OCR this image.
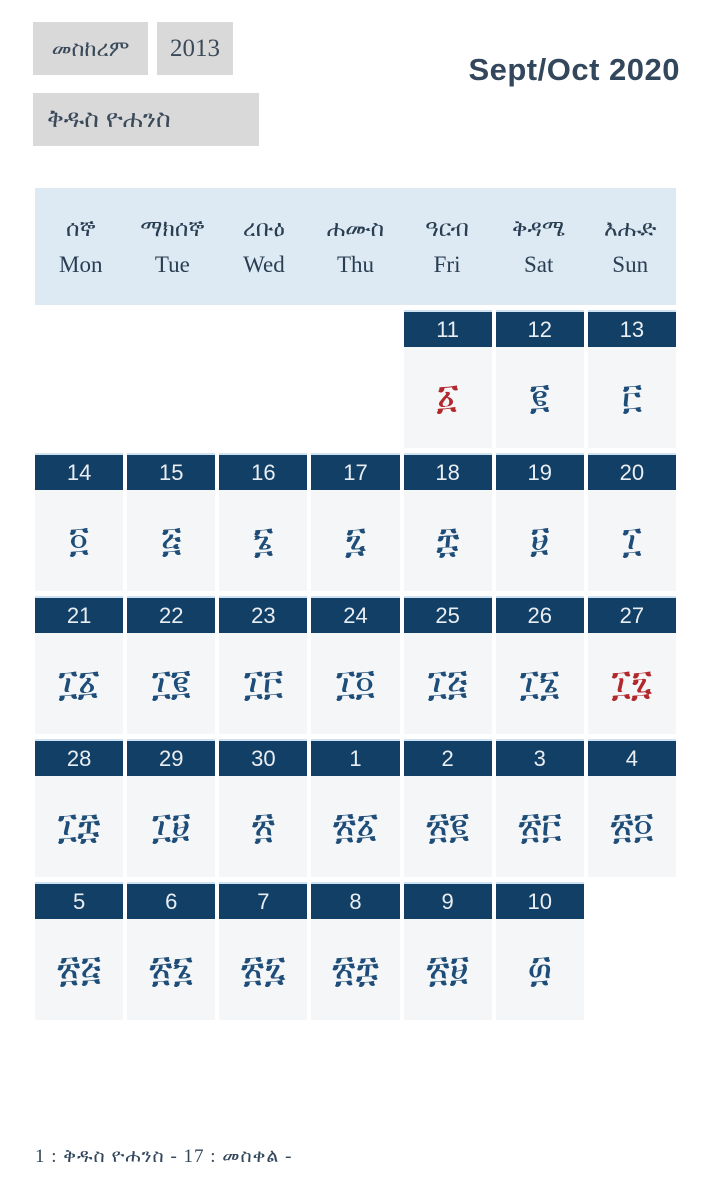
መስከረም	2013
Sept/Oct 2020
ቅዱስ ዮሐንስ
ሰኞ
Mon
ማክሰኞ
Tue
ረቡዕ
Wed
ሐሙስ
Thu
ዓርብ
Fri
ቅዳሜ
Sat
እሑድ
Sun
11
፩
12
፪
13
፫
14
፬
15
፭
16
፮
17
፯
18
፰
19
፱
20
፲
21
፲፩
22
፲፪
23
፲፫
24
፲፬
25
፲፭
26
፲፮
27
፲፯
28
፲፰
29
፲፱
30
፳
1
፳፩
2
፳፪
3
፳፫
4
፳፬
5
፳፭
6
፳፮
7
፳፯
8
፳፰
9
፳፱
10
፴
1 : ቅዱስ ዮሐንስ - 17 : መስቀል -
